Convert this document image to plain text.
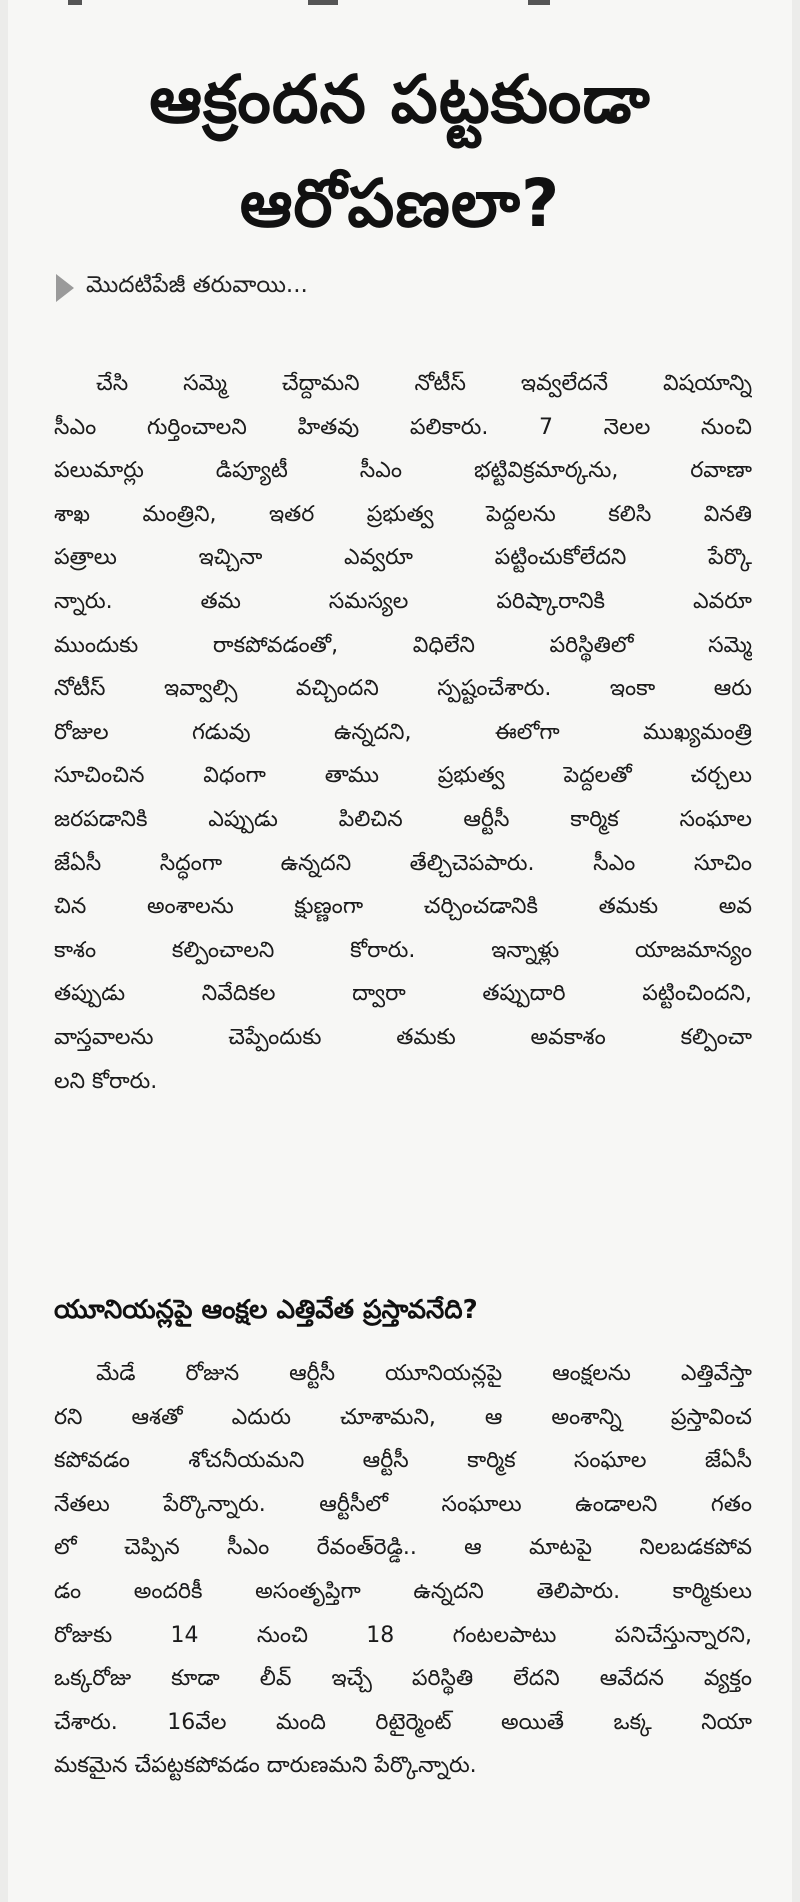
ఆక్రందన పట్టకుండా
ఆరోపణలా?
మొదటిపేజీ తరువాయి...
చేసి సమ్మె చేద్దామని నోటీస్ ఇవ్వలేదనే విషయాన్ని
సీఎం గుర్తించాలని హితవు పలికారు. 7 నెలల నుంచి
పలుమార్లు డిప్యూటీ సీఎం భట్టివిక్రమార్కను, రవాణా
శాఖ మంత్రిని, ఇతర ప్రభుత్వ పెద్దలను కలిసి వినతి
పత్రాలు ఇచ్చినా ఎవ్వరూ పట్టించుకోలేదని పేర్కొ
న్నారు. తమ సమస్యల పరిష్కారానికి ఎవరూ
ముందుకు రాకపోవడంతో, విధిలేని పరిస్థితిలో సమ్మె
నోటీస్ ఇవ్వాల్సి వచ్చిందని స్పష్టంచేశారు. ఇంకా ఆరు
రోజుల గడువు ఉన్నదని, ఈలోగా ముఖ్యమంత్రి
సూచించిన విధంగా తాము ప్రభుత్వ పెద్దలతో చర్చలు
జరపడానికి ఎప్పుడు పిలిచిన ఆర్టీసీ కార్మిక సంఘాల
జేఏసీ సిద్ధంగా ఉన్నదని తేల్చిచెపపారు. సీఎం సూచిం
చిన అంశాలను క్షుణ్ణంగా చర్చించడానికి తమకు అవ
కాశం కల్పించాలని కోరారు. ఇన్నాళ్లు యాజమాన్యం
తప్పుడు నివేదికల ద్వారా తప్పుదారి పట్టించిందని,
వాస్తవాలను చెప్పేందుకు తమకు అవకాశం కల్పించా
లని కోరారు.
యూనియన్లపై ఆంక్షల ఎత్తివేత ప్రస్తావనేది?
మేడే రోజున ఆర్టీసీ యూనియన్లపై ఆంక్షలను ఎత్తివేస్తా
రని ఆశతో ఎదురు చూశామని, ఆ అంశాన్ని ప్రస్తావించ
కపోవడం శోచనీయమని ఆర్టీసీ కార్మిక సంఘాల జేఏసీ
నేతలు పేర్కొన్నారు. ఆర్టీసీలో సంఘాలు ఉండాలని గతం
లో చెప్పిన సీఎం రేవంత్‌రెడ్డి.. ఆ మాటపై నిలబడకపోవ
డం అందరికీ అసంతృప్తిగా ఉన్నదని తెలిపారు. కార్మికులు
రోజుకు 14 నుంచి 18 గంటలపాటు పనిచేస్తున్నారని,
ఒక్కరోజు కూడా లీవ్ ఇచ్చే పరిస్థితి లేదని ఆవేదన వ్యక్తం
చేశారు. 16వేల మంది రిటైర్మెంట్ అయితే ఒక్క నియా
మకమైన చేపట్టకపోవడం దారుణమని పేర్కొన్నారు.
